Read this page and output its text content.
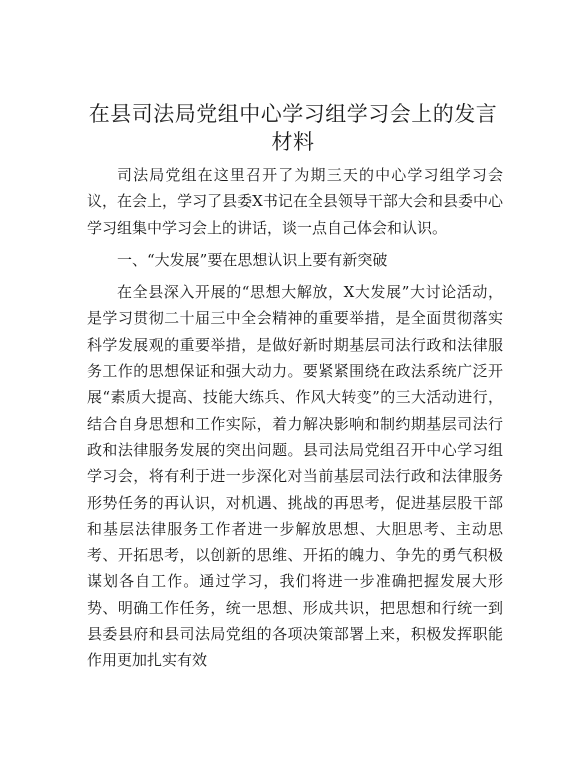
在县司法局党组中心学习组学习会上的发言材料

司法局党组在这里召开了为期三天的中心学习组学习会议，在会上，学习了县委X书记在全县领导干部大会和县委中心学习组集中学习会上的讲话，谈一点自己体会和认识。

一、“大发展”要在思想认识上要有新突破

在全县深入开展的“思想大解放，X大发展”大讨论活动，是学习贯彻二十届三中全会精神的重要举措，是全面贯彻落实科学发展观的重要举措，是做好新时期基层司法行政和法律服务工作的思想保证和强大动力。要紧紧围绕在政法系统广泛开展“素质大提高、技能大练兵、作风大转变”的三大活动进行，结合自身思想和工作实际，着力解决影响和制约期基层司法行政和法律服务发展的突出问题。县司法局党组召开中心学习组学习会，将有利于进一步深化对当前基层司法行政和法律服务形势任务的再认识，对机遇、挑战的再思考，促进基层股干部和基层法律服务工作者进一步解放思想、大胆思考、主动思考、开拓思考，以创新的思维、开拓的魄力、争先的勇气积极谋划各自工作。通过学习，我们将进一步准确把握发展大形势、明确工作任务，统一思想、形成共识，把思想和行统一到县委县府和县司法局党组的各项决策部署上来，积极发挥职能作用更加扎实有效
